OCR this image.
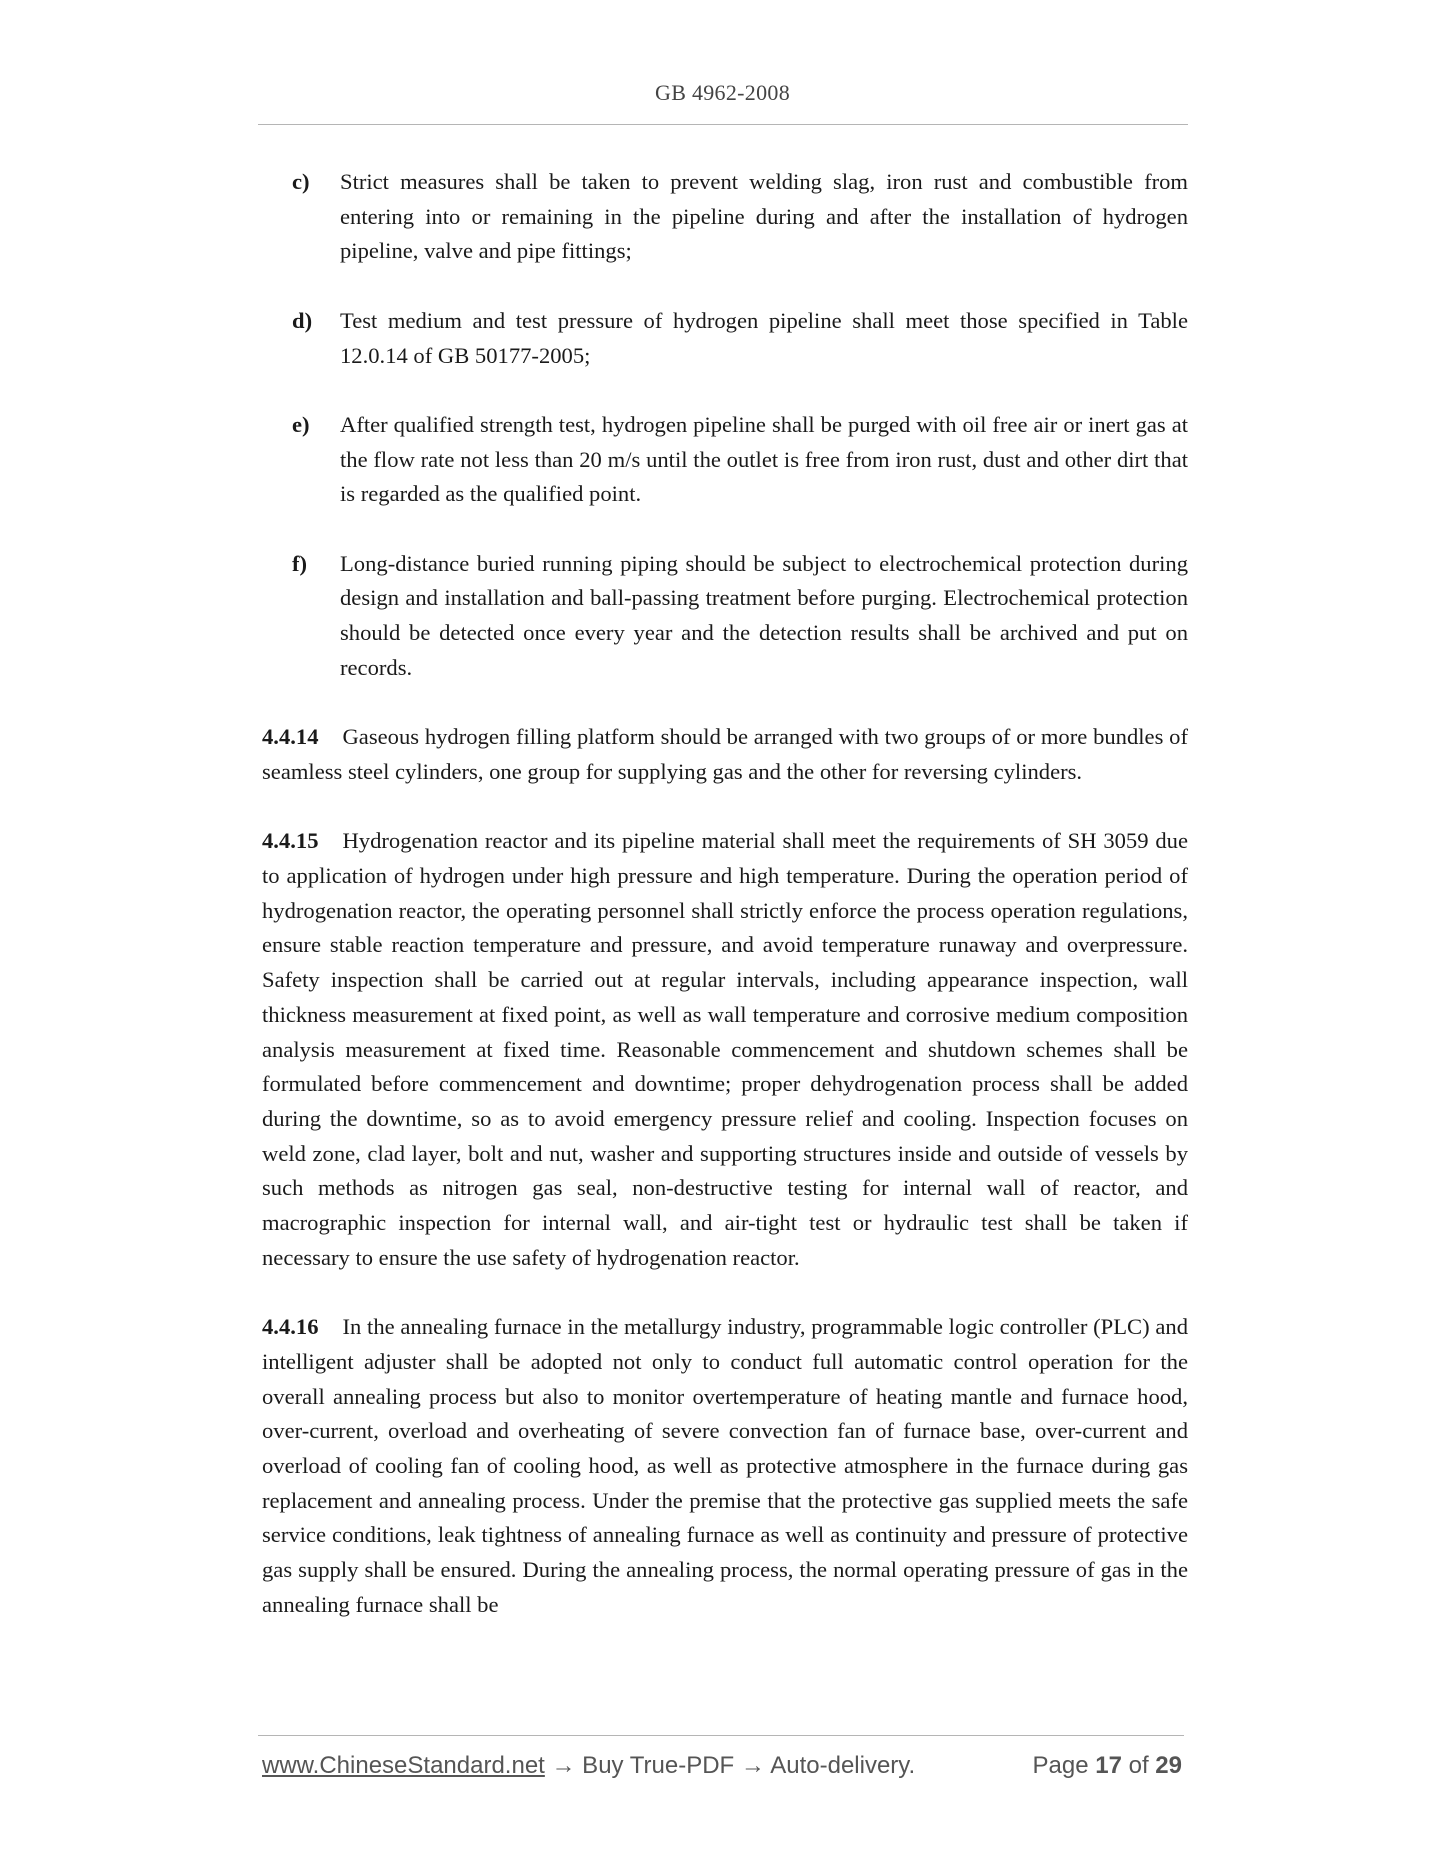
GB 4962-2008
c) Strict measures shall be taken to prevent welding slag, iron rust and combustible from entering into or remaining in the pipeline during and after the installation of hydrogen pipeline, valve and pipe fittings;
d) Test medium and test pressure of hydrogen pipeline shall meet those specified in Table 12.0.14 of GB 50177-2005;
e) After qualified strength test, hydrogen pipeline shall be purged with oil free air or inert gas at the flow rate not less than 20 m/s until the outlet is free from iron rust, dust and other dirt that is regarded as the qualified point.
f) Long-distance buried running piping should be subject to electrochemical protection during design and installation and ball-passing treatment before purging. Electrochemical protection should be detected once every year and the detection results shall be archived and put on records.
4.4.14 Gaseous hydrogen filling platform should be arranged with two groups of or more bundles of seamless steel cylinders, one group for supplying gas and the other for reversing cylinders.
4.4.15 Hydrogenation reactor and its pipeline material shall meet the requirements of SH 3059 due to application of hydrogen under high pressure and high temperature. During the operation period of hydrogenation reactor, the operating personnel shall strictly enforce the process operation regulations, ensure stable reaction temperature and pressure, and avoid temperature runaway and overpressure. Safety inspection shall be carried out at regular intervals, including appearance inspection, wall thickness measurement at fixed point, as well as wall temperature and corrosive medium composition analysis measurement at fixed time. Reasonable commencement and shutdown schemes shall be formulated before commencement and downtime; proper dehydrogenation process shall be added during the downtime, so as to avoid emergency pressure relief and cooling. Inspection focuses on weld zone, clad layer, bolt and nut, washer and supporting structures inside and outside of vessels by such methods as nitrogen gas seal, non-destructive testing for internal wall of reactor, and macrographic inspection for internal wall, and air-tight test or hydraulic test shall be taken if necessary to ensure the use safety of hydrogenation reactor.
4.4.16 In the annealing furnace in the metallurgy industry, programmable logic controller (PLC) and intelligent adjuster shall be adopted not only to conduct full automatic control operation for the overall annealing process but also to monitor overtemperature of heating mantle and furnace hood, over-current, overload and overheating of severe convection fan of furnace base, over-current and overload of cooling fan of cooling hood, as well as protective atmosphere in the furnace during gas replacement and annealing process. Under the premise that the protective gas supplied meets the safe service conditions, leak tightness of annealing furnace as well as continuity and pressure of protective gas supply shall be ensured. During the annealing process, the normal operating pressure of gas in the annealing furnace shall be
www.ChineseStandard.net → Buy True-PDF → Auto-delivery.	Page 17 of 29
